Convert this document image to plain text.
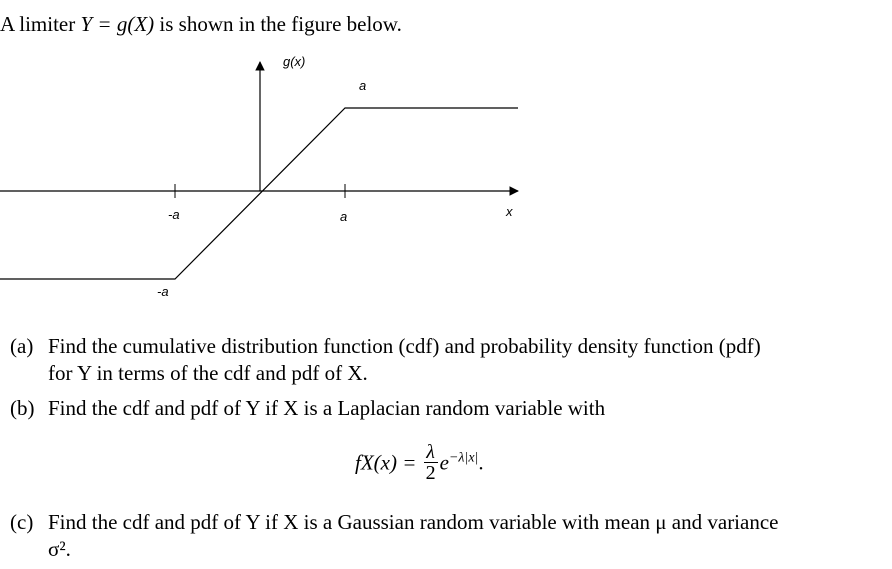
A limiter Y = g(X) is shown in the figure below.
g(x)
x
a
-a
-a	a
(a) Find the cumulative distribution function (cdf) and probability density function (pdf)
for Y in terms of the cdf and pdf of X.
(b) Find the cdf and pdf of Y if X is a Laplacian random variable with
$fX(x) = \frac{\lambda}{2} e^{-\lambda|x|}$.
(c) Find the cdf and pdf of Y if X is a Gaussian random variable with mean μ and variance
σ².
